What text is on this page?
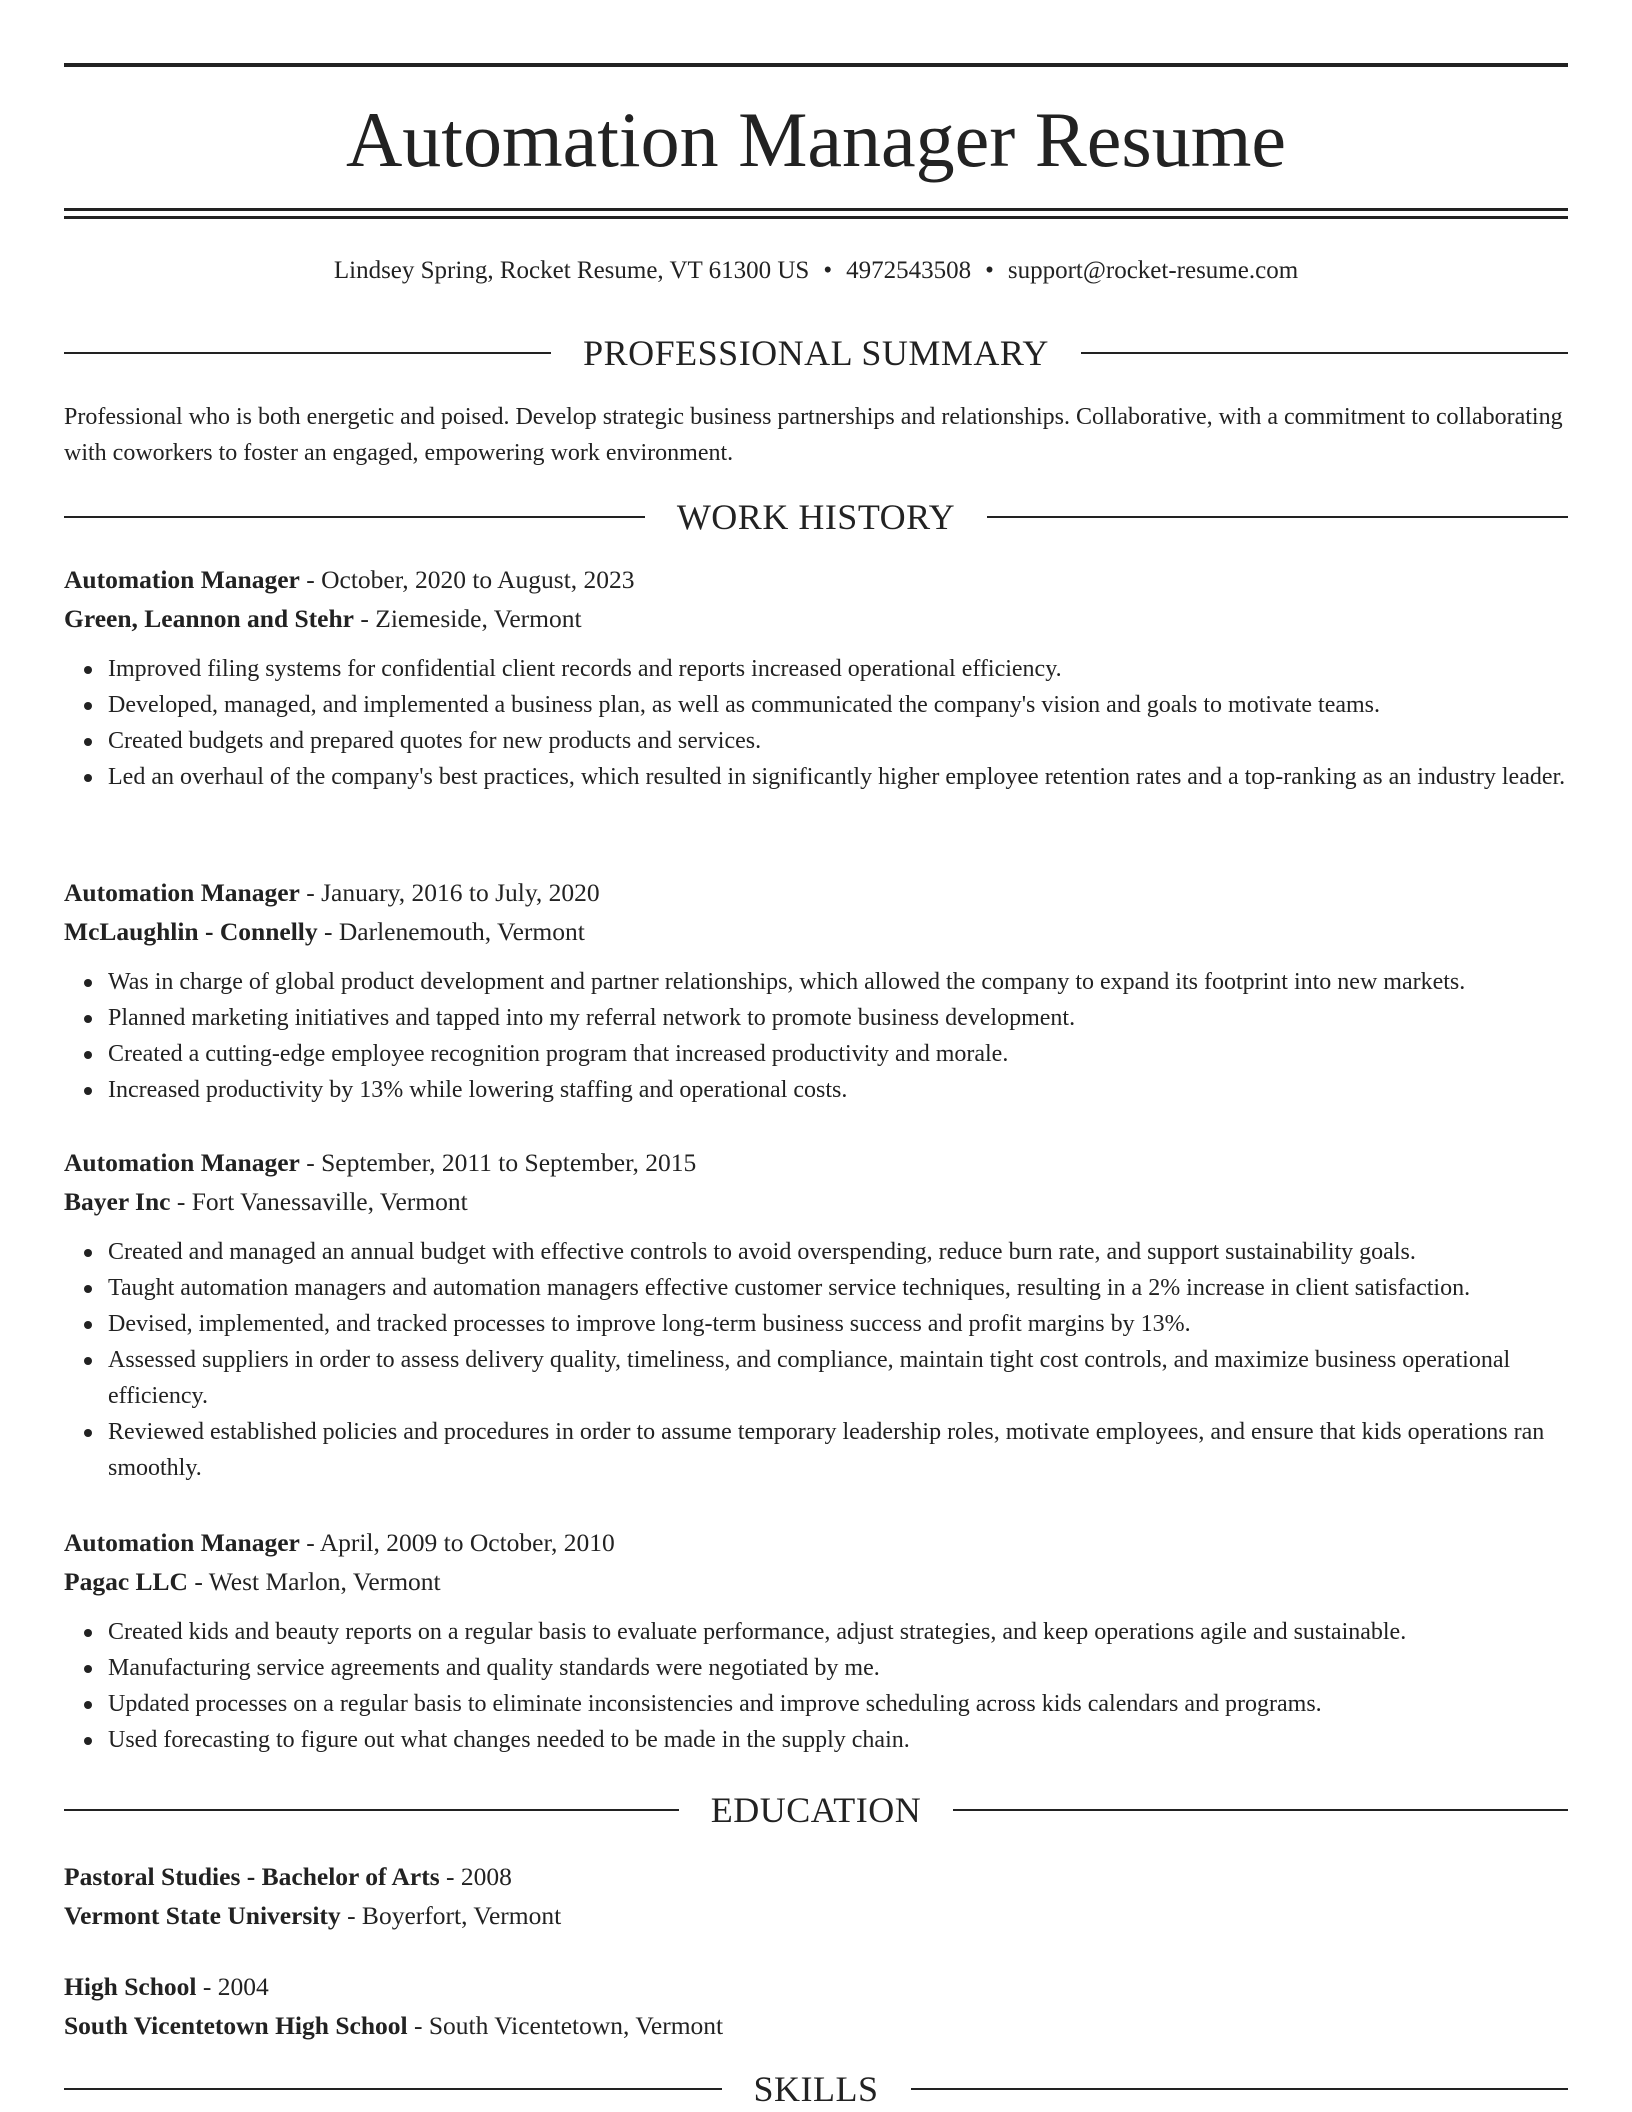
Automation Manager Resume
Lindsey Spring, Rocket Resume, VT 61300 US • 4972543508 • support@rocket-resume.com
PROFESSIONAL SUMMARY

Professional who is both energetic and poised. Develop strategic business partnerships and relationships. Collaborative, with a commitment to collaborating with coworkers to foster an engaged, empowering work environment.

WORK HISTORY
Automation Manager - October, 2020 to August, 2023
Green, Leannon and Stehr - Ziemeside, Vermont
Improved filing systems for confidential client records and reports increased operational efficiency.
Developed, managed, and implemented a business plan, as well as communicated the company's vision and goals to motivate teams.
Created budgets and prepared quotes for new products and services.
Led an overhaul of the company's best practices, which resulted in significantly higher employee retention rates and a top-ranking as an industry leader.
Automation Manager - January, 2016 to July, 2020
McLaughlin - Connelly - Darlenemouth, Vermont
Was in charge of global product development and partner relationships, which allowed the company to expand its footprint into new markets.
Planned marketing initiatives and tapped into my referral network to promote business development.
Created a cutting-edge employee recognition program that increased productivity and morale.
Increased productivity by 13% while lowering staffing and operational costs.
Automation Manager - September, 2011 to September, 2015
Bayer Inc - Fort Vanessaville, Vermont
Created and managed an annual budget with effective controls to avoid overspending, reduce burn rate, and support sustainability goals.
Taught automation managers and automation managers effective customer service techniques, resulting in a 2% increase in client satisfaction.
Devised, implemented, and tracked processes to improve long-term business success and profit margins by 13%.
Assessed suppliers in order to assess delivery quality, timeliness, and compliance, maintain tight cost controls, and maximize business operational efficiency.
Reviewed established policies and procedures in order to assume temporary leadership roles, motivate employees, and ensure that kids operations ran smoothly.
Automation Manager - April, 2009 to October, 2010
Pagac LLC - West Marlon, Vermont
Created kids and beauty reports on a regular basis to evaluate performance, adjust strategies, and keep operations agile and sustainable.
Manufacturing service agreements and quality standards were negotiated by me.
Updated processes on a regular basis to eliminate inconsistencies and improve scheduling across kids calendars and programs.
Used forecasting to figure out what changes needed to be made in the supply chain.
EDUCATION
Pastoral Studies - Bachelor of Arts - 2008
Vermont State University - Boyerfort, Vermont
High School - 2004
South Vicentetown High School - South Vicentetown, Vermont
SKILLS
